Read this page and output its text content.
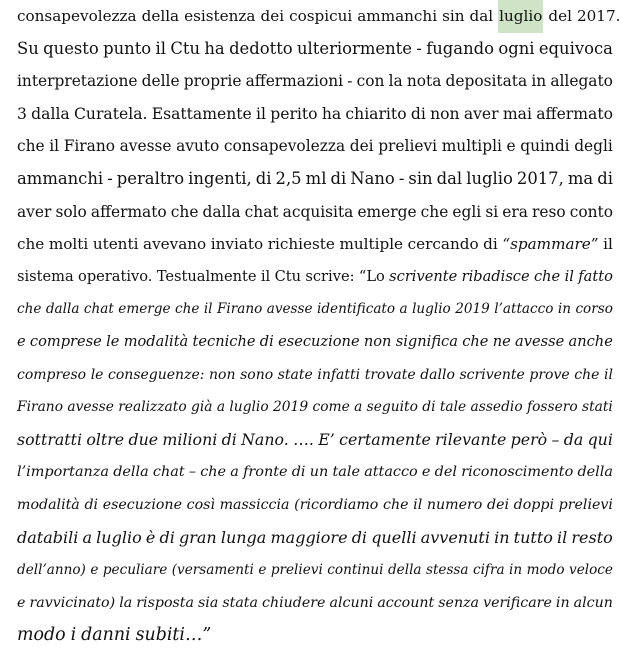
consapevolezza della esistenza dei cospicui ammanchi sin dal luglio del 2017.
Su questo punto il Ctu ha dedotto ulteriormente - fugando ogni equivoca
interpretazione delle proprie affermazioni - con la nota depositata in allegato
3 dalla Curatela. Esattamente il perito ha chiarito di non aver mai affermato
che il Firano avesse avuto consapevolezza dei prelievi multipli e quindi degli
ammanchi - peraltro ingenti, di 2,5 ml di Nano - sin dal luglio 2017, ma di
aver solo affermato che dalla chat acquisita emerge che egli si era reso conto
che molti utenti avevano inviato richieste multiple cercando di “spammare” il
sistema operativo. Testualmente il Ctu scrive: “Lo scrivente ribadisce che il fatto
che dalla chat emerge che il Firano avesse identificato a luglio 2019 l’attacco in corso
e comprese le modalità tecniche di esecuzione non significa che ne avesse anche
compreso le conseguenze: non sono state infatti trovate dallo scrivente prove che il
Firano avesse realizzato già a luglio 2019 come a seguito di tale assedio fossero stati
sottratti oltre due milioni di Nano. …. E’ certamente rilevante però – da qui
l’importanza della chat – che a fronte di un tale attacco e del riconoscimento della
modalità di esecuzione così massiccia (ricordiamo che il numero dei doppi prelievi
databili a luglio è di gran lunga maggiore di quelli avvenuti in tutto il resto
dell’anno) e peculiare (versamenti e prelievi continui della stessa cifra in modo veloce
e ravvicinato) la risposta sia stata chiudere alcuni account senza verificare in alcun
modo i danni subiti…”
